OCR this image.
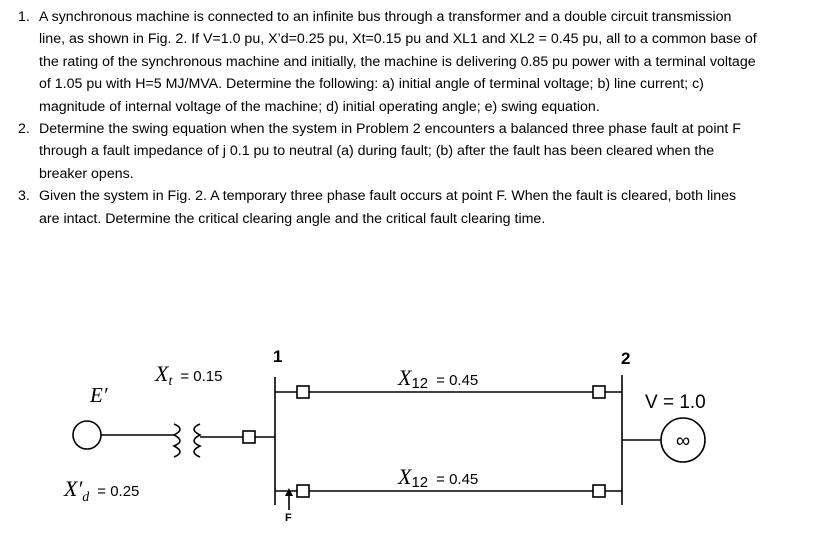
1. A synchronous machine is connected to an infinite bus through a transformer and a double circuit transmission line, as shown in Fig. 2. If V=1.0 pu, X’d=0.25 pu, Xt=0.15 pu and XL1 and XL2 = 0.45 pu, all to a common base of the rating of the synchronous machine and initially, the machine is delivering 0.85 pu power with a terminal voltage of 1.05 pu with H=5 MJ/MVA. Determine the following: a) initial angle of terminal voltage; b) line current; c) magnitude of internal voltage of the machine; d) initial operating angle; e) swing equation.
2. Determine the swing equation when the system in Problem 2 encounters a balanced three phase fault at point F through a fault impedance of j 0.1 pu to neutral (a) during fault; (b) after the fault has been cleared when the breaker opens.
3. Given the system in Fig. 2. A temporary three phase fault occurs at point F. When the fault is cleared, both lines are intact. Determine the critical clearing angle and the critical fault clearing time.
E′
X′d = 0.25
Xt = 0.15
1	2
X12 = 0.45
X12 = 0.45
V = 1.0
∞
F
